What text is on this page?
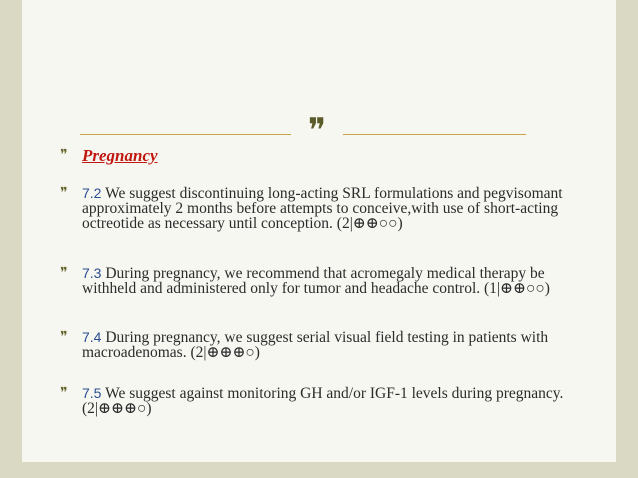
❞
❞ Pregnancy
❞ 7.2 We suggest discontinuing long-acting SRL formulations and pegvisomant approximately 2 months before attempts to conceive,with use of short-acting octreotide as necessary until conception. (2|⊕⊕○○)
❞ 7.3 During pregnancy, we recommend that acromegaly medical therapy be withheld and administered only for tumor and headache control. (1|⊕⊕○○)
❞ 7.4 During pregnancy, we suggest serial visual field testing in patients with macroadenomas. (2|⊕⊕⊕○)
❞ 7.5 We suggest against monitoring GH and/or IGF-1 levels during pregnancy. (2|⊕⊕⊕○)
